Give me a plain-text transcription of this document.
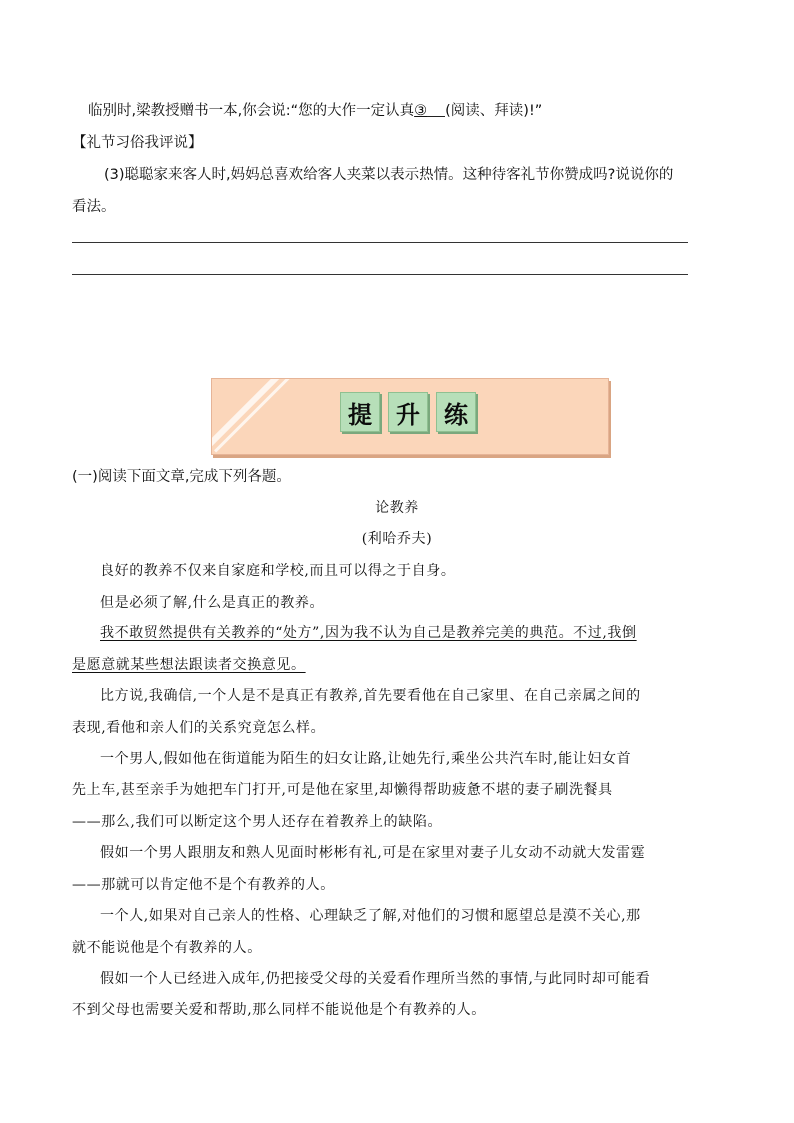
临别时,梁教授赠书一本,你会说:“您的大作一定认真③ (阅读、拜读)!”
【礼节习俗我评说】
(3)聪聪家来客人时,妈妈总喜欢给客人夹菜以表示热情。这种待客礼节你赞成吗?说说你的
看法。
提	升	练
(一)阅读下面文章,完成下列各题。
论教养
(利哈乔夫)
良好的教养不仅来自家庭和学校,而且可以得之于自身。
但是必须了解,什么是真正的教养。
我不敢贸然提供有关教养的“处方”,因为我不认为自己是教养完美的典范。不过,我倒
是愿意就某些想法跟读者交换意见。
比方说,我确信,一个人是不是真正有教养,首先要看他在自己家里、在自己亲属之间的
表现,看他和亲人们的关系究竟怎么样。
一个男人,假如他在街道能为陌生的妇女让路,让她先行,乘坐公共汽车时,能让妇女首
先上车,甚至亲手为她把车门打开,可是他在家里,却懒得帮助疲惫不堪的妻子刷洗餐具
——那么,我们可以断定这个男人还存在着教养上的缺陷。
假如一个男人跟朋友和熟人见面时彬彬有礼,可是在家里对妻子儿女动不动就大发雷霆
——那就可以肯定他不是个有教养的人。
一个人,如果对自己亲人的性格、心理缺乏了解,对他们的习惯和愿望总是漠不关心,那
就不能说他是个有教养的人。
假如一个人已经进入成年,仍把接受父母的关爱看作理所当然的事情,与此同时却可能看
不到父母也需要关爱和帮助,那么同样不能说他是个有教养的人。
